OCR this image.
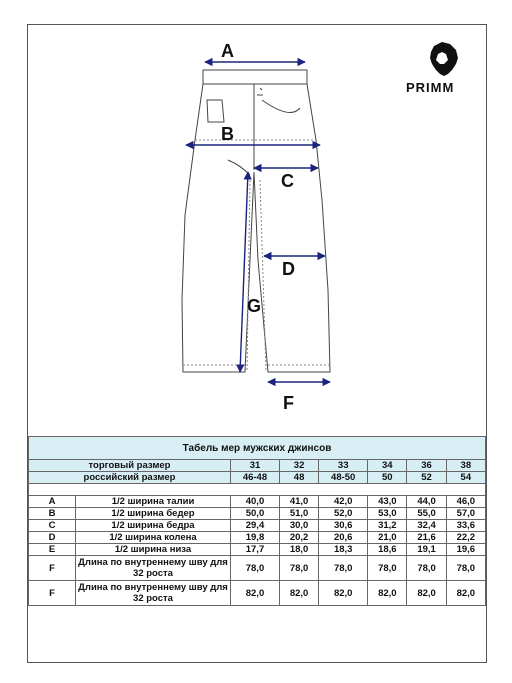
A
B
C
D
G
F
PRIMM
Табель мер мужских джинсов							
торговый размер		31	32	33	34	36	38
российский размер		46-48	48	48-50	50	52	54

A	1/2 ширина талии	40,0	41,0	42,0	43,0	44,0	46,0
B	1/2 ширина бедер	50,0	51,0	52,0	53,0	55,0	57,0
C	1/2 ширина бедра	29,4	30,0	30,6	31,2	32,4	33,6
D	1/2 ширина колена	19,8	20,2	20,6	21,0	21,6	22,2
E	1/2 ширина низа	17,7	18,0	18,3	18,6	19,1	19,6
F	Длина по внутреннему шву для 32 роста	78,0	78,0	78,0	78,0	78,0	78,0
F	Длина по внутреннему шву для 32 роста	82,0	82,0	82,0	82,0	82,0	82,0
